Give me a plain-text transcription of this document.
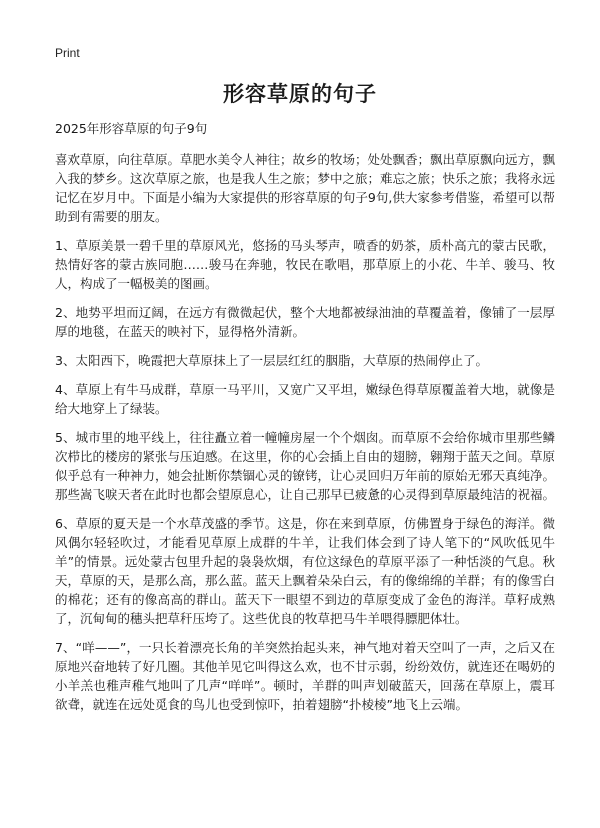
Print
形容草原的句子

2025年形容草原的句子9句

喜欢草原，向往草原。草肥水美令人神往；故乡的牧场；处处飘香；飘出草原飘向远方，飘入我的梦乡。这次草原之旅，也是我人生之旅；梦中之旅；难忘之旅；快乐之旅；我将永远记忆在岁月中。下面是小编为大家提供的形容草原的句子9句,供大家参考借鉴，希望可以帮助到有需要的朋友。

1、草原美景一碧千里的草原风光，悠扬的马头琴声，喷香的奶茶，质朴高亢的蒙古民歌，热情好客的蒙古族同胞……骏马在奔驰，牧民在歌唱，那草原上的小花、牛羊、骏马、牧人，构成了一幅极美的图画。

2、地势平坦而辽阔，在远方有微微起伏，整个大地都被绿油油的草覆盖着，像铺了一层厚厚的地毯，在蓝天的映衬下，显得格外清新。

3、太阳西下，晚霞把大草原抹上了一层层红红的胭脂，大草原的热闹停止了。

4、草原上有牛马成群，草原一马平川，又宽广又平坦，嫩绿色得草原覆盖着大地，就像是给大地穿上了绿装。

5、城市里的地平线上，往往矗立着一幢幢房屋一个个烟囱。而草原不会给你城市里那些鳞次栉比的楼房的紧张与压迫感。在这里，你的心会插上自由的翅膀，翱翔于蓝天之间。草原似乎总有一种神力，她会扯断你禁锢心灵的镣铐，让心灵回归万年前的原始无邪天真纯净。那些嵩飞唳天者在此时也都会望原息心，让自己那早已疲惫的心灵得到草原最纯洁的祝福。

6、草原的夏天是一个水草茂盛的季节。这是，你在来到草原，仿佛置身于绿色的海洋。微风偶尔轻轻吹过，才能看见草原上成群的牛羊，让我们体会到了诗人笔下的“风吹低见牛羊”的情景。远处蒙古包里升起的袅袅炊烟，有位这绿色的草原平添了一种恬淡的气息。秋天，草原的天，是那么高，那么蓝。蓝天上飘着朵朵白云，有的像绵绵的羊群；有的像雪白的棉花；还有的像高高的群山。蓝天下一眼望不到边的草原变成了金色的海洋。草籽成熟了，沉甸甸的穗头把草秆压垮了。这些优良的牧草把马牛羊喂得膘肥体壮。

7、“咩——”，一只长着漂亮长角的羊突然抬起头来，神气地对着天空叫了一声，之后又在原地兴奋地转了好几圈。其他羊见它叫得这么欢，也不甘示弱，纷纷效仿，就连还在喝奶的小羊羔也稚声稚气地叫了几声“咩咩”。顿时，羊群的叫声划破蓝天，回荡在草原上，震耳欲聋，就连在远处觅食的鸟儿也受到惊吓，拍着翅膀“扑棱棱”地飞上云端。
